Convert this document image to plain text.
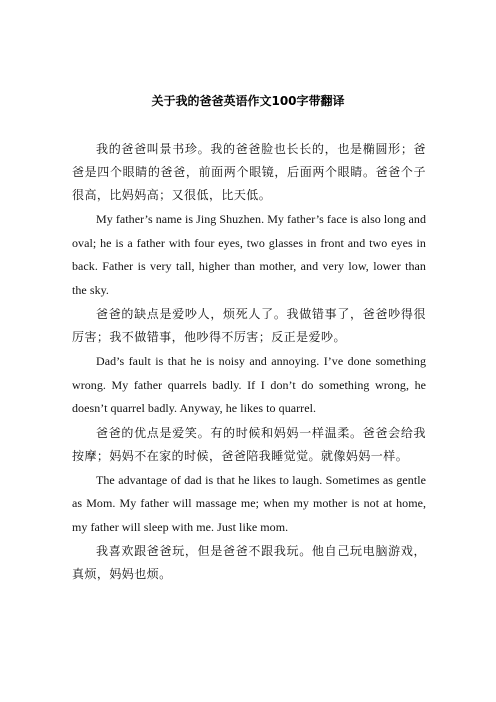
关于我的爸爸英语作文100字带翻译

我的爸爸叫景书珍。我的爸爸脸也长长的，也是椭圆形；爸爸是四个眼睛的爸爸，前面两个眼镜，后面两个眼睛。爸爸个子很高，比妈妈高；又很低，比天低。

My father’s name is Jing Shuzhen. My father’s face is also long and oval; he is a father with four eyes, two glasses in front and two eyes in back. Father is very tall, higher than mother, and very low, lower than the sky.

爸爸的缺点是爱吵人，烦死人了。我做错事了，爸爸吵得很厉害；我不做错事，他吵得不厉害；反正是爱吵。

Dad’s fault is that he is noisy and annoying. I’ve done something wrong. My father quarrels badly. If I don’t do something wrong, he doesn’t quarrel badly. Anyway, he likes to quarrel.

爸爸的优点是爱笑。有的时候和妈妈一样温柔。爸爸会给我按摩；妈妈不在家的时候，爸爸陪我睡觉觉。就像妈妈一样。

The advantage of dad is that he likes to laugh. Sometimes as gentle as Mom. My father will massage me; when my mother is not at home, my father will sleep with me. Just like mom.

我喜欢跟爸爸玩，但是爸爸不跟我玩。他自己玩电脑游戏，真烦，妈妈也烦。
